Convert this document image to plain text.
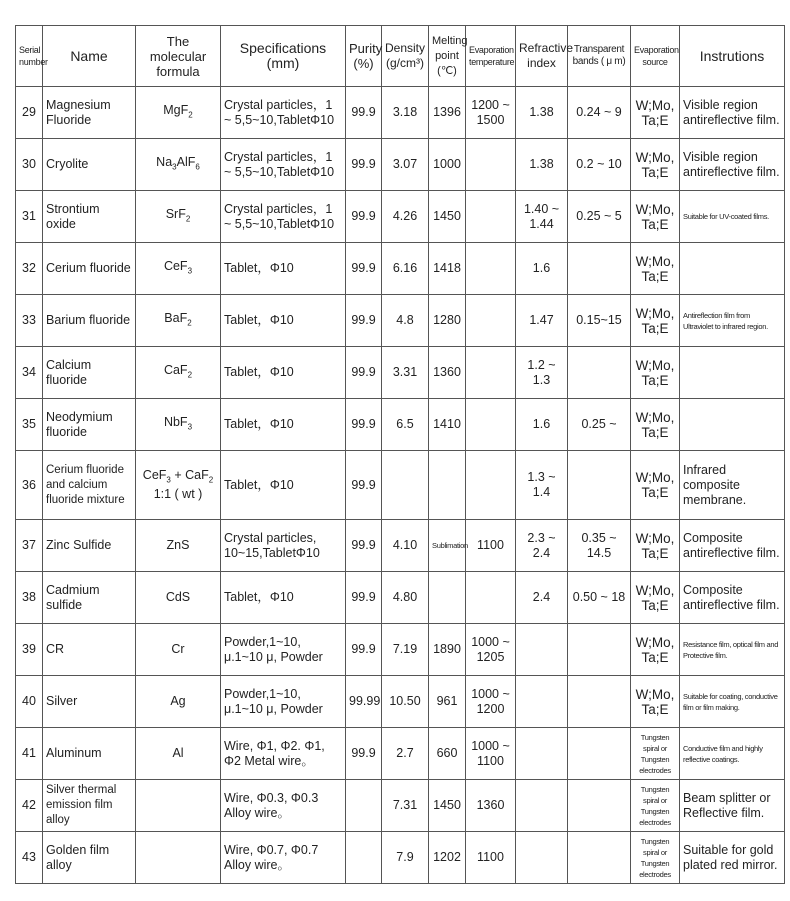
Serial number	Name	The molecular formula	Specifications (mm)	Purity (%)	Density (g/cm³)	Melting point (℃)	Evaporation temperature	Refractive index	Transparent bands ( μ m)	Evaporation source	Instrutions
29	Magnesium Fluoride	MgF$_2$	Crystal particles，1 ~ 5,5~10,TabletΦ10	99.9	3.18	1396	1200 ~ 1500	1.38	0.24 ~ 9	W;Mo, Ta;E	Visible region antireflective film.
30	Cryolite	$Na_3AlF_6$	Crystal particles，1 ~ 5,5~10,TabletΦ10	99.9	3.07	1000		1.38	0.2 ~ 10	W;Mo, Ta;E	Visible region antireflective film.
31	Strontium oxide	SrF$_2$	Crystal particles，1 ~ 5,5~10,TabletΦ10	99.9	4.26	1450		1.40 ~ 1.44	0.25 ~ 5	W;Mo, Ta;E	Suitable for UV-coated films.
32	Cerium fluoride	CeF$_3$	Tablet，Φ10	99.9	6.16	1418		1.6		W;Mo, Ta;E	
33	Barium fluoride	BaF$_2$	Tablet，Φ10	99.9	4.8	1280		1.47	0.15~15	W;Mo, Ta;E	Antireflection film from Ultraviolet to infrared region.
34	Calcium fluoride	CaF$_2$	Tablet，Φ10	99.9	3.31	1360		1.2 ~ 1.3		W;Mo, Ta;E	
35	Neodymium fluoride	NbF$_3$	Tablet，Φ10	99.9	6.5	1410		1.6	0.25 ~	W;Mo, Ta;E	
36	Cerium fluoride and calcium fluoride mixture	CeF$_3$ + CaF$_2$ 1:1 ( wt )	Tablet，Φ10	99.9				1.3 ~ 1.4		W;Mo, Ta;E	Infrared composite membrane.
37	Zinc Sulfide	ZnS	Crystal particles, 10~15,TabletΦ10	99.9	4.10	Sublimation	1100	2.3 ~ 2.4	0.35 ~ 14.5	W;Mo, Ta;E	Composite antireflective film.
38	Cadmium sulfide	CdS	Tablet，Φ10	99.9	4.80			2.4	0.50 ~ 18	W;Mo, Ta;E	Composite antireflective film.
39	CR	Cr	Powder,1~10, μ.1~10 μ, Powder	99.9	7.19	1890	1000 ~ 1205			W;Mo, Ta;E	Resistance film, optical film and Protective film.
40	Silver	Ag	Powder,1~10, μ.1~10 μ, Powder	99.99	10.50	961	1000 ~ 1200			W;Mo, Ta;E	Suitable for coating, conductive film or film making.
41	Aluminum	Al	Wire, Φ1, Φ2. Φ1, Φ2 Metal wire。	99.9	2.7	660	1000 ~ 1100			Tungsten spiral or Tungsten electrodes	Conductive film and highly reflective coatings.
42	Silver thermal emission film alloy		Wire, Φ0.3, Φ0.3 Alloy wire。		7.31	1450	1360			Tungsten spiral or Tungsten electrodes	Beam splitter or Reflective film.
43	Golden film alloy		Wire, Φ0.7, Φ0.7 Alloy wire。		7.9	1202	1100			Tungsten spiral or Tungsten electrodes	Suitable for gold plated red mirror.
